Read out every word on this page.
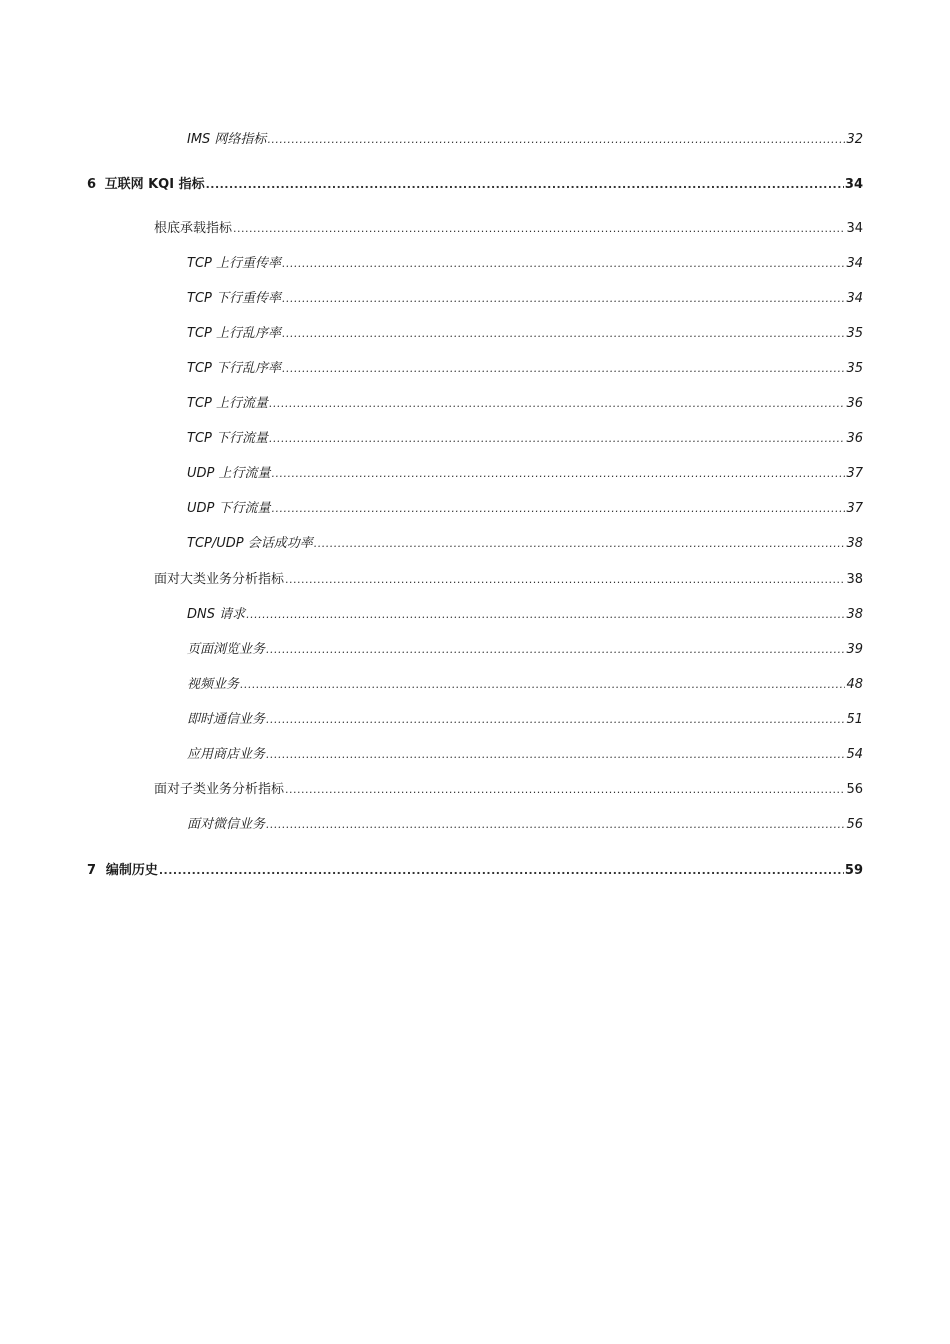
IMS 网络指标 .....	32
6 互联网 KQI 指标 .....	34
根底承载指标 .....	34
TCP 上行重传率 .....	34
TCP 下行重传率 .....	34
TCP 上行乱序率 .....	35
TCP 下行乱序率 .....	35
TCP 上行流量 .....	36
TCP 下行流量 .....	36
UDP 上行流量 .....	37
UDP 下行流量 .....	37
TCP/UDP 会话成功率 .....	38
面对大类业务分析指标 .....	38
DNS 请求 .....	38
页面浏览业务 .....	39
视频业务 .....	48
即时通信业务 .....	51
应用商店业务 .....	54
面对子类业务分析指标 .....	56
面对微信业务 .....	56
7 编制历史 .....	59
